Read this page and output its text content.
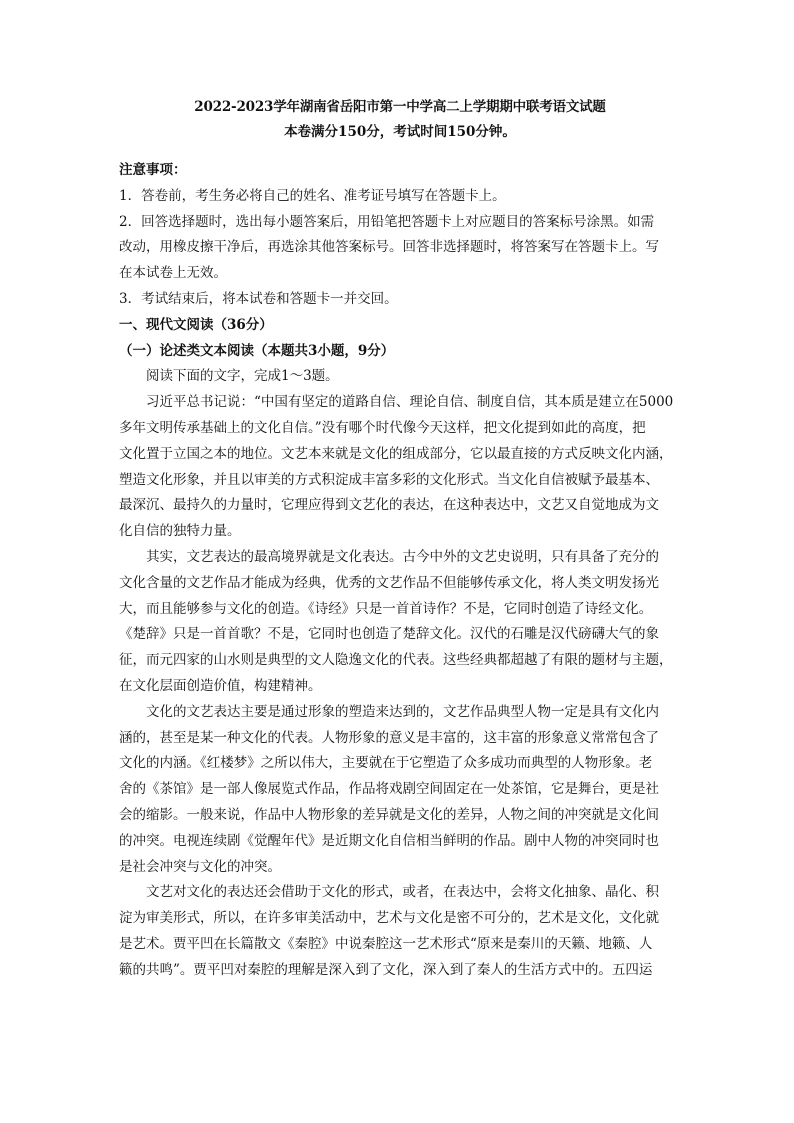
2022-2023学年湖南省岳阳市第一中学高二上学期期中联考语文试题
本卷满分150分，考试时间150分钟。
注意事项：
1．答卷前，考生务必将自己的姓名、准考证号填写在答题卡上。
2．回答选择题时，选出每小题答案后，用铅笔把答题卡上对应题目的答案标号涂黑。如需
改动，用橡皮擦干净后，再选涂其他答案标号。回答非选择题时，将答案写在答题卡上。写
在本试卷上无效。
3．考试结束后，将本试卷和答题卡一并交回。
一、现代文阅读（36分）
（一）论述类文本阅读（本题共3小题，9分）
阅读下面的文字，完成1～3题。
习近平总书记说：“中国有坚定的道路自信、理论自信、制度自信，其本质是建立在5000
多年文明传承基础上的文化自信。”没有哪个时代像今天这样，把文化提到如此的高度，把
文化置于立国之本的地位。文艺本来就是文化的组成部分，它以最直接的方式反映文化内涵，
塑造文化形象，并且以审美的方式积淀成丰富多彩的文化形式。当文化自信被赋予最基本、
最深沉、最持久的力量时，它理应得到文艺化的表达，在这种表达中，文艺又自觉地成为文
化自信的独特力量。
其实，文艺表达的最高境界就是文化表达。古今中外的文艺史说明，只有具备了充分的
文化含量的文艺作品才能成为经典，优秀的文艺作品不但能够传承文化，将人类文明发扬光
大，而且能够参与文化的创造。《诗经》只是一首首诗作？不是，它同时创造了诗经文化。
《楚辞》只是一首首歌？不是，它同时也创造了楚辞文化。汉代的石雕是汉代磅礴大气的象
征，而元四家的山水则是典型的文人隐逸文化的代表。这些经典都超越了有限的题材与主题，
在文化层面创造价值，构建精神。
文化的文艺表达主要是通过形象的塑造来达到的，文艺作品典型人物一定是具有文化内
涵的，甚至是某一种文化的代表。人物形象的意义是丰富的，这丰富的形象意义常常包含了
文化的内涵。《红楼梦》之所以伟大，主要就在于它塑造了众多成功而典型的人物形象。老
舍的《茶馆》是一部人像展览式作品，作品将戏剧空间固定在一处茶馆，它是舞台，更是社
会的缩影。一般来说，作品中人物形象的差异就是文化的差异，人物之间的冲突就是文化间
的冲突。电视连续剧《觉醒年代》是近期文化自信相当鲜明的作品。剧中人物的冲突同时也
是社会冲突与文化的冲突。
文艺对文化的表达还会借助于文化的形式，或者，在表达中，会将文化抽象、晶化、积
淀为审美形式，所以，在许多审美活动中，艺术与文化是密不可分的，艺术是文化，文化就
是艺术。贾平凹在长篇散文《秦腔》中说秦腔这一艺术形式“原来是秦川的天籁、地籁、人
籁的共鸣”。贾平凹对秦腔的理解是深入到了文化，深入到了秦人的生活方式中的。五四运
